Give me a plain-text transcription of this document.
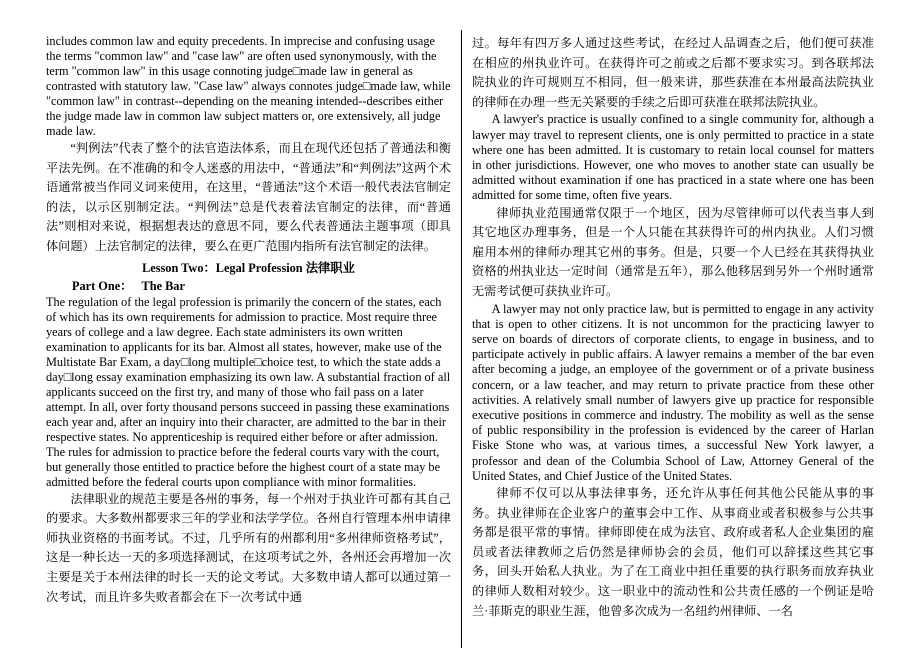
includes common law and equity precedents. In imprecise and confusing usage the terms "common law" and "case law" are often used synonymously, with the term "common law" in this usage connoting judge□made law in general as contrasted with statutory law. "Case law" always connotes judge□made law, while "common law" in contrast--depending on the meaning intended--describes either the judge made law in common law subject matters or, ore extensively, all judge made law.

“判例法”代表了整个的法官造法体系，而且在现代还包括了普通法和衡平法先例。在不准确的和令人迷惑的用法中，“普通法”和“判例法”这两个术语通常被当作同义词来使用，在这里，“普通法”这个术语一般代表法官制定的法，以示区别制定法。“判例法”总是代表着法官制定的法律，而“普通法”则相对来说，根据想表达的意思不同，要么代表普通法主题事项（即具体问题）上法官制定的法律，要么在更广范围内指所有法官制定的法律。

Lesson Two：Legal Profession 法律职业

Part One： The Bar

The regulation of the legal profession is primarily the concern of the states, each of which has its own requirements for admission to practice. Most require three years of college and a law degree. Each state administers its own written examination to applicants for its bar. Almost all states, however, make use of the Multistate Bar Exam, a day□long multiple□choice test, to which the state adds a day□long essay examination emphasizing its own law. A substantial fraction of all applicants succeed on the first try, and many of those who fail pass on a later attempt. In all, over forty thousand persons succeed in passing these examinations each year and, after an inquiry into their character, are admitted to the bar in their respective states. No apprenticeship is required either before or after admission. The rules for admission to practice before the federal courts vary with the court, but generally those entitled to practice before the highest court of a state may be admitted before the federal courts upon compliance with minor formalities.

法律职业的规范主要是各州的事务，每一个州对于执业许可都有其自己的要求。大多数州都要求三年的学业和法学学位。各州自行管理本州申请律师执业资格的书面考试。不过，几乎所有的州都利用“多州律师资格考试”，这是一种长达一天的多项选择测试，在这项考试之外，各州还会再增加一次主要是关于本州法律的时长一天的论文考试。大多数申请人都可以通过第一次考试，而且许多失败者都会在下一次考试中通

过。每年有四万多人通过这些考试，在经过人品调查之后，他们便可获准在相应的州执业许可。在获得许可之前或之后都不要求实习。到各联邦法院执业的许可规则互不相同，但一般来讲，那些获准在本州最高法院执业的律师在办理一些无关紧要的手续之后即可获准在联邦法院执业。

A lawyer's practice is usually confined to a single community for, although a lawyer may travel to represent clients, one is only permitted to practice in a state where one has been admitted. It is customary to retain local counsel for matters in other jurisdictions. However, one who moves to another state can usually be admitted without examination if one has practiced in a state where one has been admitted for some time, often five years.

律师执业范围通常仅限于一个地区，因为尽管律师可以代表当事人到其它地区办理事务，但是一个人只能在其获得许可的州内执业。人们习惯雇用本州的律师办理其它州的事务。但是，只要一个人已经在其获得执业资格的州执业达一定时间（通常是五年），那么他移居到另外一个州时通常无需考试便可获执业许可。

A lawyer may not only practice law, but is permitted to engage in any activity that is open to other citizens. It is not uncommon for the practicing lawyer to serve on boards of directors of corporate clients, to engage in business, and to participate actively in public affairs. A lawyer remains a member of the bar even after becoming a judge, an employee of the government or of a private business concern, or a law teacher, and may return to private practice from these other activities. A relatively small number of lawyers give up practice for responsible executive positions in commerce and industry. The mobility as well as the sense of public responsibility in the profession is evidenced by the career of Harlan Fiske Stone who was, at various times, a successful New York lawyer, a professor and dean of the Columbia School of Law, Attorney General of the United States, and Chief Justice of the United States.

律师不仅可以从事法律事务，还允许从事任何其他公民能从事的事务。执业律师在企业客户的董事会中工作、从事商业或者积极参与公共事务都是很平常的事情。律师即使在成为法官、政府或者私人企业集团的雇员或者法律教师之后仍然是律师协会的会员，他们可以辞揉这些其它事务，回头开始私人执业。为了在工商业中担任重要的执行职务而放弃执业的律师人数相对较少。这一职业中的流动性和公共责任感的一个例证是哈兰·菲斯克的职业生涯，他曾多次成为一名纽约州律师、一名
